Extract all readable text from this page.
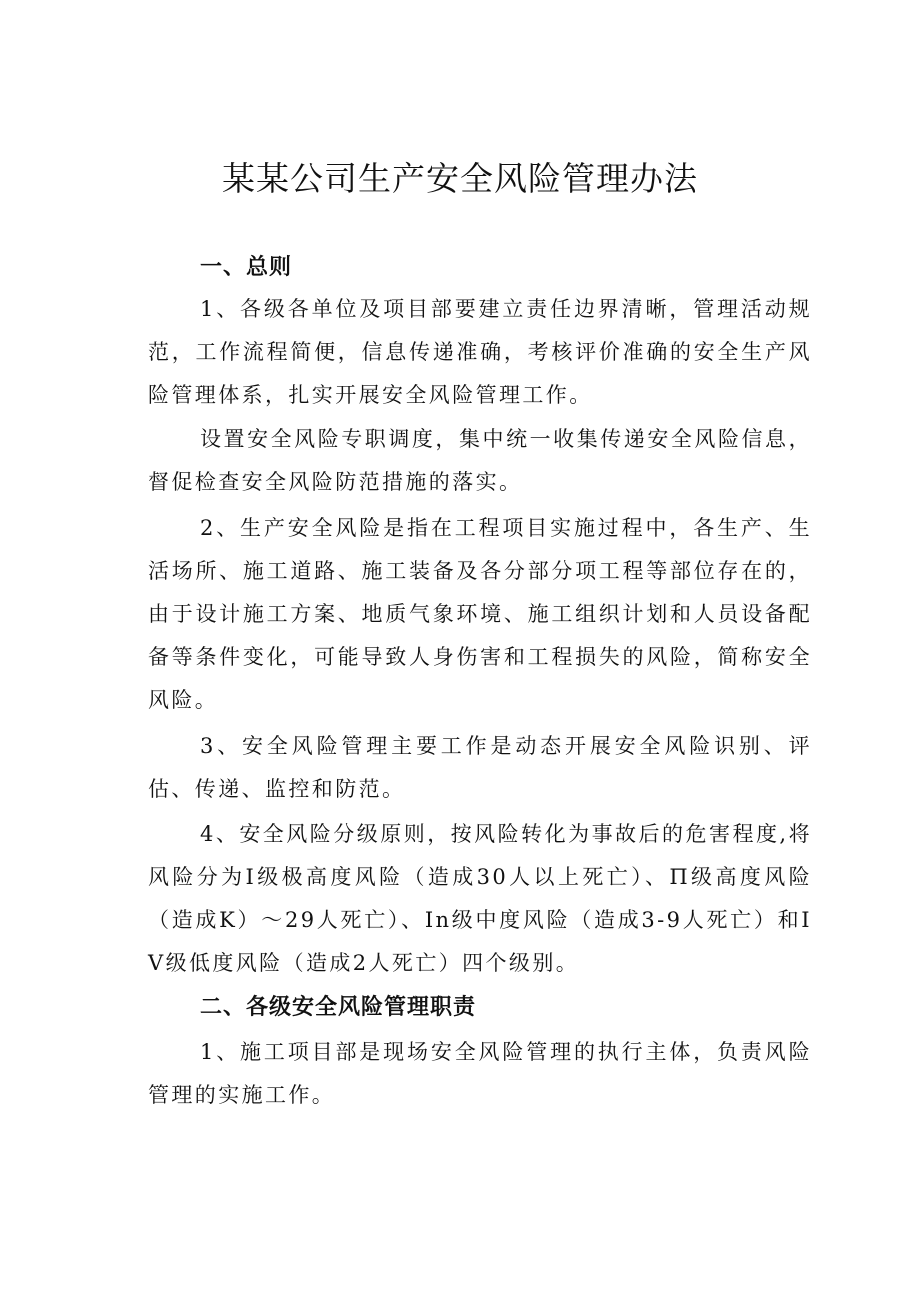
某某公司生产安全风险管理办法
一、总则
1、各级各单位及项目部要建立责任边界清晰，管理活动规范，工作流程简便，信息传递准确，考核评价准确的安全生产风险管理体系，扎实开展安全风险管理工作。
设置安全风险专职调度，集中统一收集传递安全风险信息，督促检查安全风险防范措施的落实。
2、生产安全风险是指在工程项目实施过程中，各生产、生活场所、施工道路、施工装备及各分部分项工程等部位存在的，由于设计施工方案、地质气象环境、施工组织计划和人员设备配备等条件变化，可能导致人身伤害和工程损失的风险，简称安全风险。
3、安全风险管理主要工作是动态开展安全风险识别、评估、传递、监控和防范。
4、安全风险分级原则，按风险转化为事故后的危害程度,将风险分为I级极高度风险（造成30人以上死亡）、Π级高度风险（造成K）～29人死亡）、In级中度风险（造成3-9人死亡）和IV级低度风险（造成2人死亡）四个级别。
二、各级安全风险管理职责
1、施工项目部是现场安全风险管理的执行主体，负责风险管理的实施工作。
